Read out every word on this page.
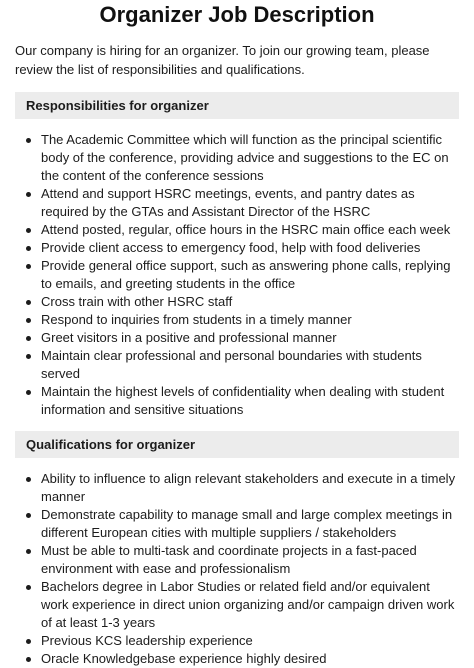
Organizer Job Description

Our company is hiring for an organizer. To join our growing team, please review the list of responsibilities and qualifications.

Responsibilities for organizer
The Academic Committee which will function as the principal scientific body of the conference, providing advice and suggestions to the EC on the content of the conference sessions
Attend and support HSRC meetings, events, and pantry dates as required by the GTAs and Assistant Director of the HSRC
Attend posted, regular, office hours in the HSRC main office each week
Provide client access to emergency food, help with food deliveries
Provide general office support, such as answering phone calls, replying to emails, and greeting students in the office
Cross train with other HSRC staff
Respond to inquiries from students in a timely manner
Greet visitors in a positive and professional manner
Maintain clear professional and personal boundaries with students served
Maintain the highest levels of confidentiality when dealing with student information and sensitive situations
Qualifications for organizer
Ability to influence to align relevant stakeholders and execute in a timely manner
Demonstrate capability to manage small and large complex meetings in different European cities with multiple suppliers / stakeholders
Must be able to multi-task and coordinate projects in a fast-paced environment with ease and professionalism
Bachelors degree in Labor Studies or related field and/or equivalent work experience in direct union organizing and/or campaign driven work of at least 1-3 years
Previous KCS leadership experience
Oracle Knowledgebase experience highly desired
